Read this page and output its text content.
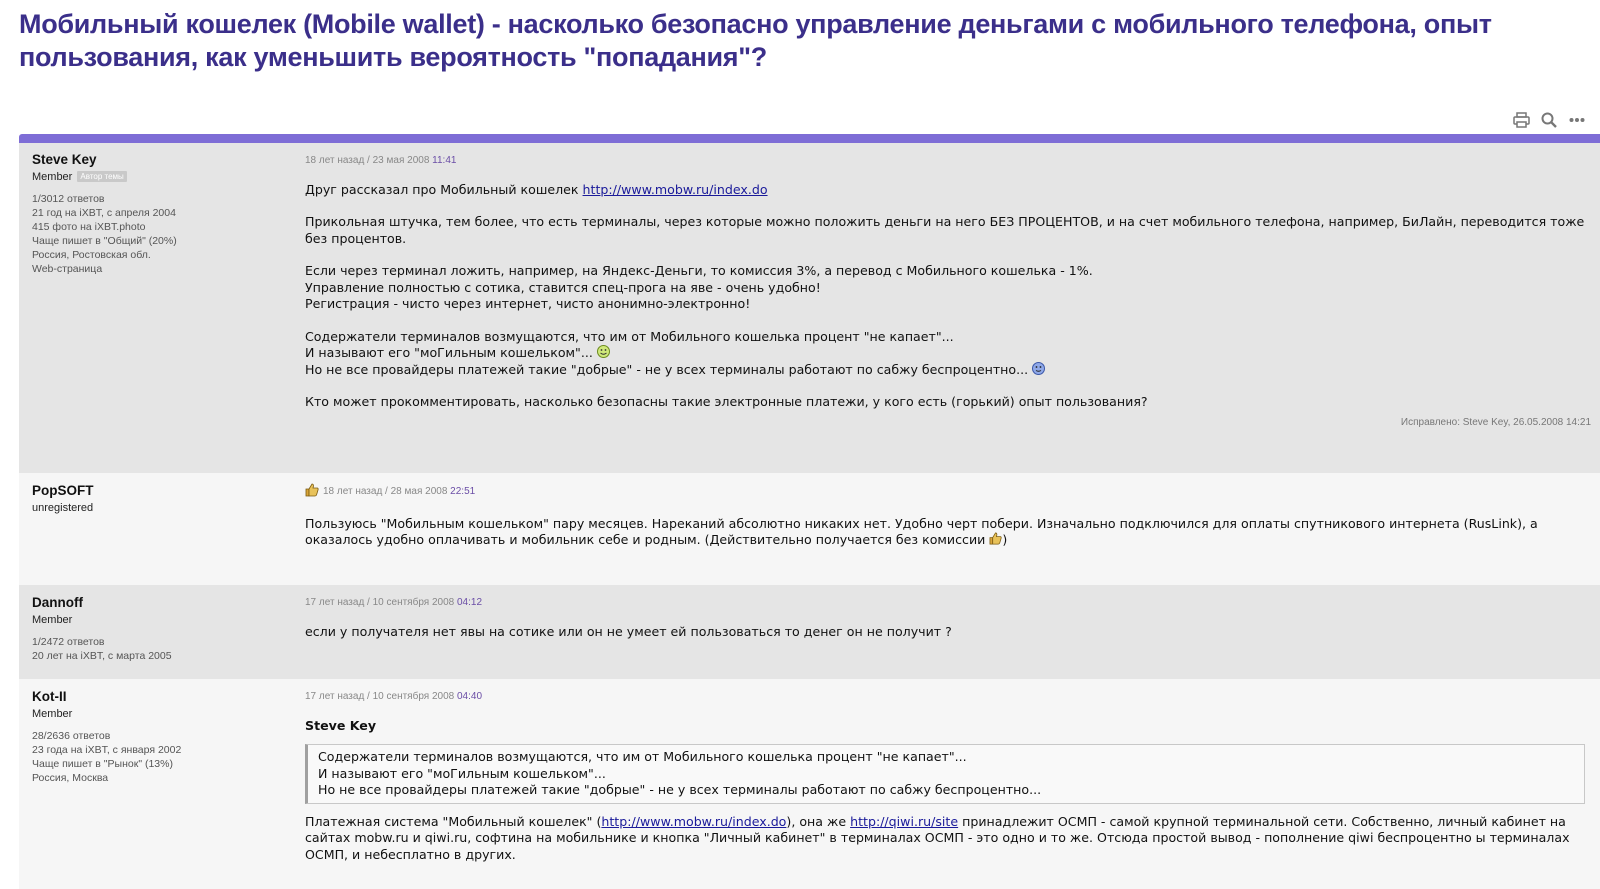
Мобильный кошелек (Mobile wallet) - насколько безопасно управление деньгами с мобильного телефона, опыт пользования, как уменьшить вероятность "попадания"?
Steve Key
Member Автор темы
1/3012 ответов
21 год на iXBT, с апреля 2004
415 фото на iXBT.photo
Чаще пишет в "Общий" (20%)
Россия, Ростовская обл.
Web-страница
18 лет назад / 23 мая 2008 11:41

Друг рассказал про Мобильный кошелек http://www.mobw.ru/index.do

Прикольная штучка, тем более, что есть терминалы, через которые можно положить деньги на него БЕЗ ПРОЦЕНТОВ, и на счет мобильного телефона, например, БиЛайн, переводится тоже без процентов.

Если через терминал ложить, например, на Яндекс-Деньги, то комиссия 3%, а перевод с Мобильного кошелька - 1%.
Управление полностью с сотика, ставится спец-прога на яве - очень удобно!
Регистрация - чисто через интернет, чисто анонимно-электронно!

Содержатели терминалов возмущаются, что им от Мобильного кошелька процент "не капает"...
И называют его "моГильным кошельком"...
Но не все провайдеры платежей такие "добрые" - не у всех терминалы работают по сабжу беспроцентно...

Кто может прокомментировать, насколько безопасны такие электронные платежи, у кого есть (горький) опыт пользования?

Исправлено: Steve Key, 26.05.2008 14:21
PopSOFT
unregistered
18 лет назад / 28 мая 2008 22:51

Пользуюсь "Мобильным кошельком" пару месяцев. Нареканий абсолютно никаких нет. Удобно черт побери. Изначально подключился для оплаты спутникового интернета (RusLink), а оказалось удобно оплачивать и мобильник себе и родным. (Действительно получается без комиссии )

Dannoff
Member
1/2472 ответов
20 лет на iXBT, с марта 2005
17 лет назад / 10 сентября 2008 04:12

если у получателя нет явы на сотике или он не умеет ей пользоваться то денег он не получит ?

Kot-II
Member
28/2636 ответов
23 года на iXBT, с января 2002
Чаще пишет в "Рынок" (13%)
Россия, Москва
17 лет назад / 10 сентября 2008 04:40
Steve Key
Содержатели терминалов возмущаются, что им от Мобильного кошелька процент "не капает"...
И называют его "моГильным кошельком"...
Но не все провайдеры платежей такие "добрые" - не у всех терминалы работают по сабжу беспроцентно...

Платежная система "Мобильный кошелек" (http://www.mobw.ru/index.do), она же http://qiwi.ru/site принадлежит ОСМП - самой крупной терминальной сети. Собственно, личный кабинет на сайтах mobw.ru и qiwi.ru, софтина на мобильнике и кнопка "Личный кабинет" в терминалах ОСМП - это одно и то же. Отсюда простой вывод - пополнение qiwi беспроцентно ы терминалах ОСМП, и небесплатно в других.
